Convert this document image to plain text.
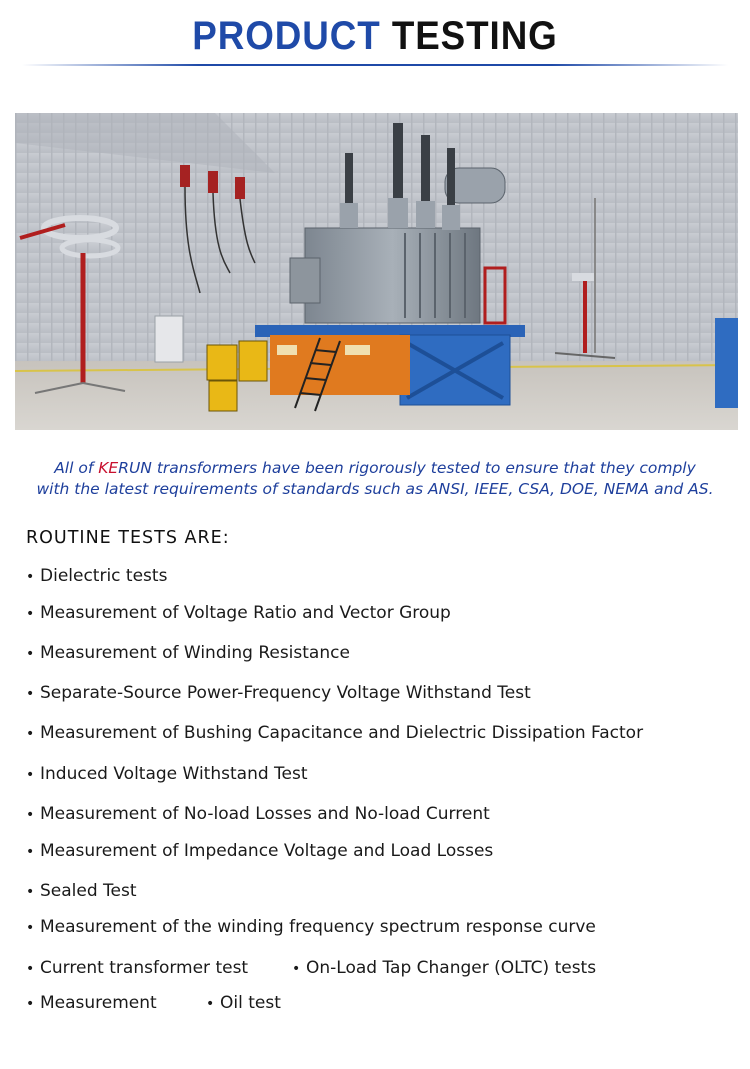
PRODUCT TESTING
All of KERUN transformers have been rigorously tested to ensure that they comply
with the latest requirements of standards such as ANSI, IEEE, CSA, DOE, NEMA and AS.
ROUTINE TESTS ARE:
• Dielectric tests
• Measurement of Voltage Ratio and Vector Group
• Measurement of Winding Resistance
• Separate-Source Power-Frequency Voltage Withstand Test
• Measurement of Bushing Capacitance and Dielectric Dissipation Factor
• Induced Voltage Withstand Test
• Measurement of No-load Losses and No-load Current
• Measurement of Impedance Voltage and Load Losses
• Sealed Test
• Measurement of the winding frequency spectrum response curve
• Current transformer test	• On-Load Tap Changer (OLTC) tests
• Measurement	• Oil test
